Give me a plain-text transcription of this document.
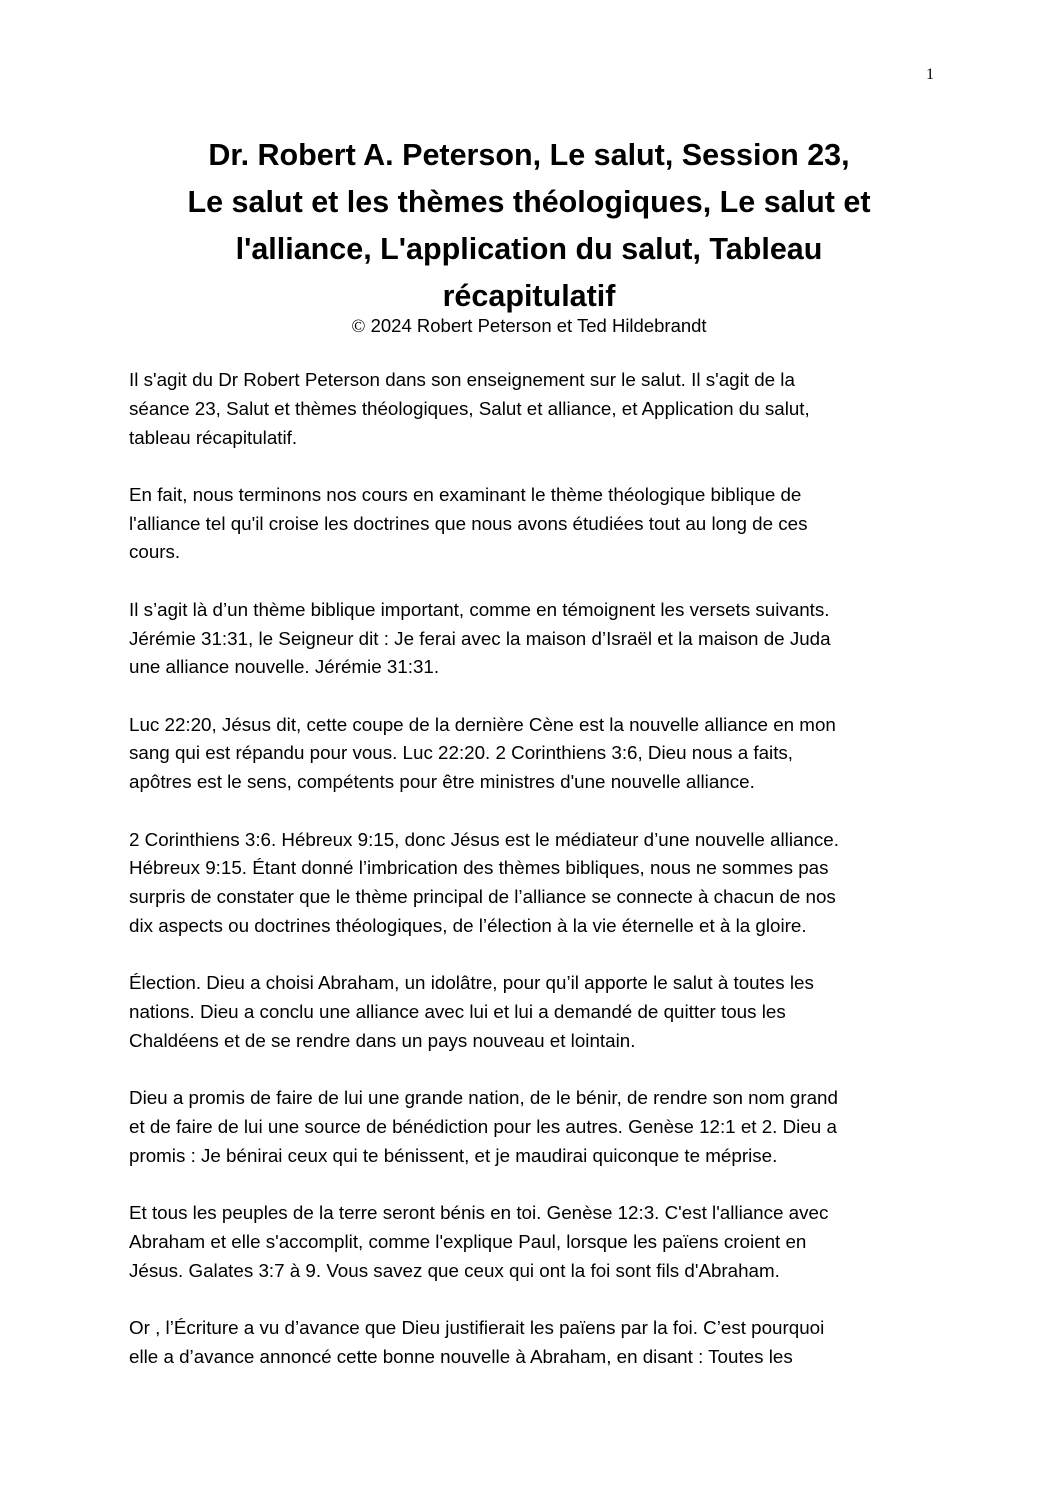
1
Dr. Robert A. Peterson, Le salut, Session 23,
Le salut et les thèmes théologiques, Le salut et
l'alliance, L'application du salut, Tableau
récapitulatif
© 2024 Robert Peterson et Ted Hildebrandt

Il s'agit du Dr Robert Peterson dans son enseignement sur le salut. Il s'agit de la
séance 23, Salut et thèmes théologiques, Salut et alliance, et Application du salut,
tableau récapitulatif.

En fait, nous terminons nos cours en examinant le thème théologique biblique de
l'alliance tel qu'il croise les doctrines que nous avons étudiées tout au long de ces
cours.

Il s’agit là d’un thème biblique important, comme en témoignent les versets suivants.
Jérémie 31:31, le Seigneur dit : Je ferai avec la maison d’Israël et la maison de Juda
une alliance nouvelle. Jérémie 31:31.

Luc 22:20, Jésus dit, cette coupe de la dernière Cène est la nouvelle alliance en mon
sang qui est répandu pour vous. Luc 22:20. 2 Corinthiens 3:6, Dieu nous a faits,
apôtres est le sens, compétents pour être ministres d'une nouvelle alliance.

2 Corinthiens 3:6. Hébreux 9:15, donc Jésus est le médiateur d’une nouvelle alliance.
Hébreux 9:15. Étant donné l’imbrication des thèmes bibliques, nous ne sommes pas
surpris de constater que le thème principal de l’alliance se connecte à chacun de nos
dix aspects ou doctrines théologiques, de l’élection à la vie éternelle et à la gloire.

Élection. Dieu a choisi Abraham, un idolâtre, pour qu’il apporte le salut à toutes les
nations. Dieu a conclu une alliance avec lui et lui a demandé de quitter tous les
Chaldéens et de se rendre dans un pays nouveau et lointain.

Dieu a promis de faire de lui une grande nation, de le bénir, de rendre son nom grand
et de faire de lui une source de bénédiction pour les autres. Genèse 12:1 et 2. Dieu a
promis : Je bénirai ceux qui te bénissent, et je maudirai quiconque te méprise.

Et tous les peuples de la terre seront bénis en toi. Genèse 12:3. C'est l'alliance avec
Abraham et elle s'accomplit, comme l'explique Paul, lorsque les païens croient en
Jésus. Galates 3:7 à 9. Vous savez que ceux qui ont la foi sont fils d'Abraham.

Or , l’Écriture a vu d’avance que Dieu justifierait les païens par la foi. C’est pourquoi
elle a d’avance annoncé cette bonne nouvelle à Abraham, en disant : Toutes les
